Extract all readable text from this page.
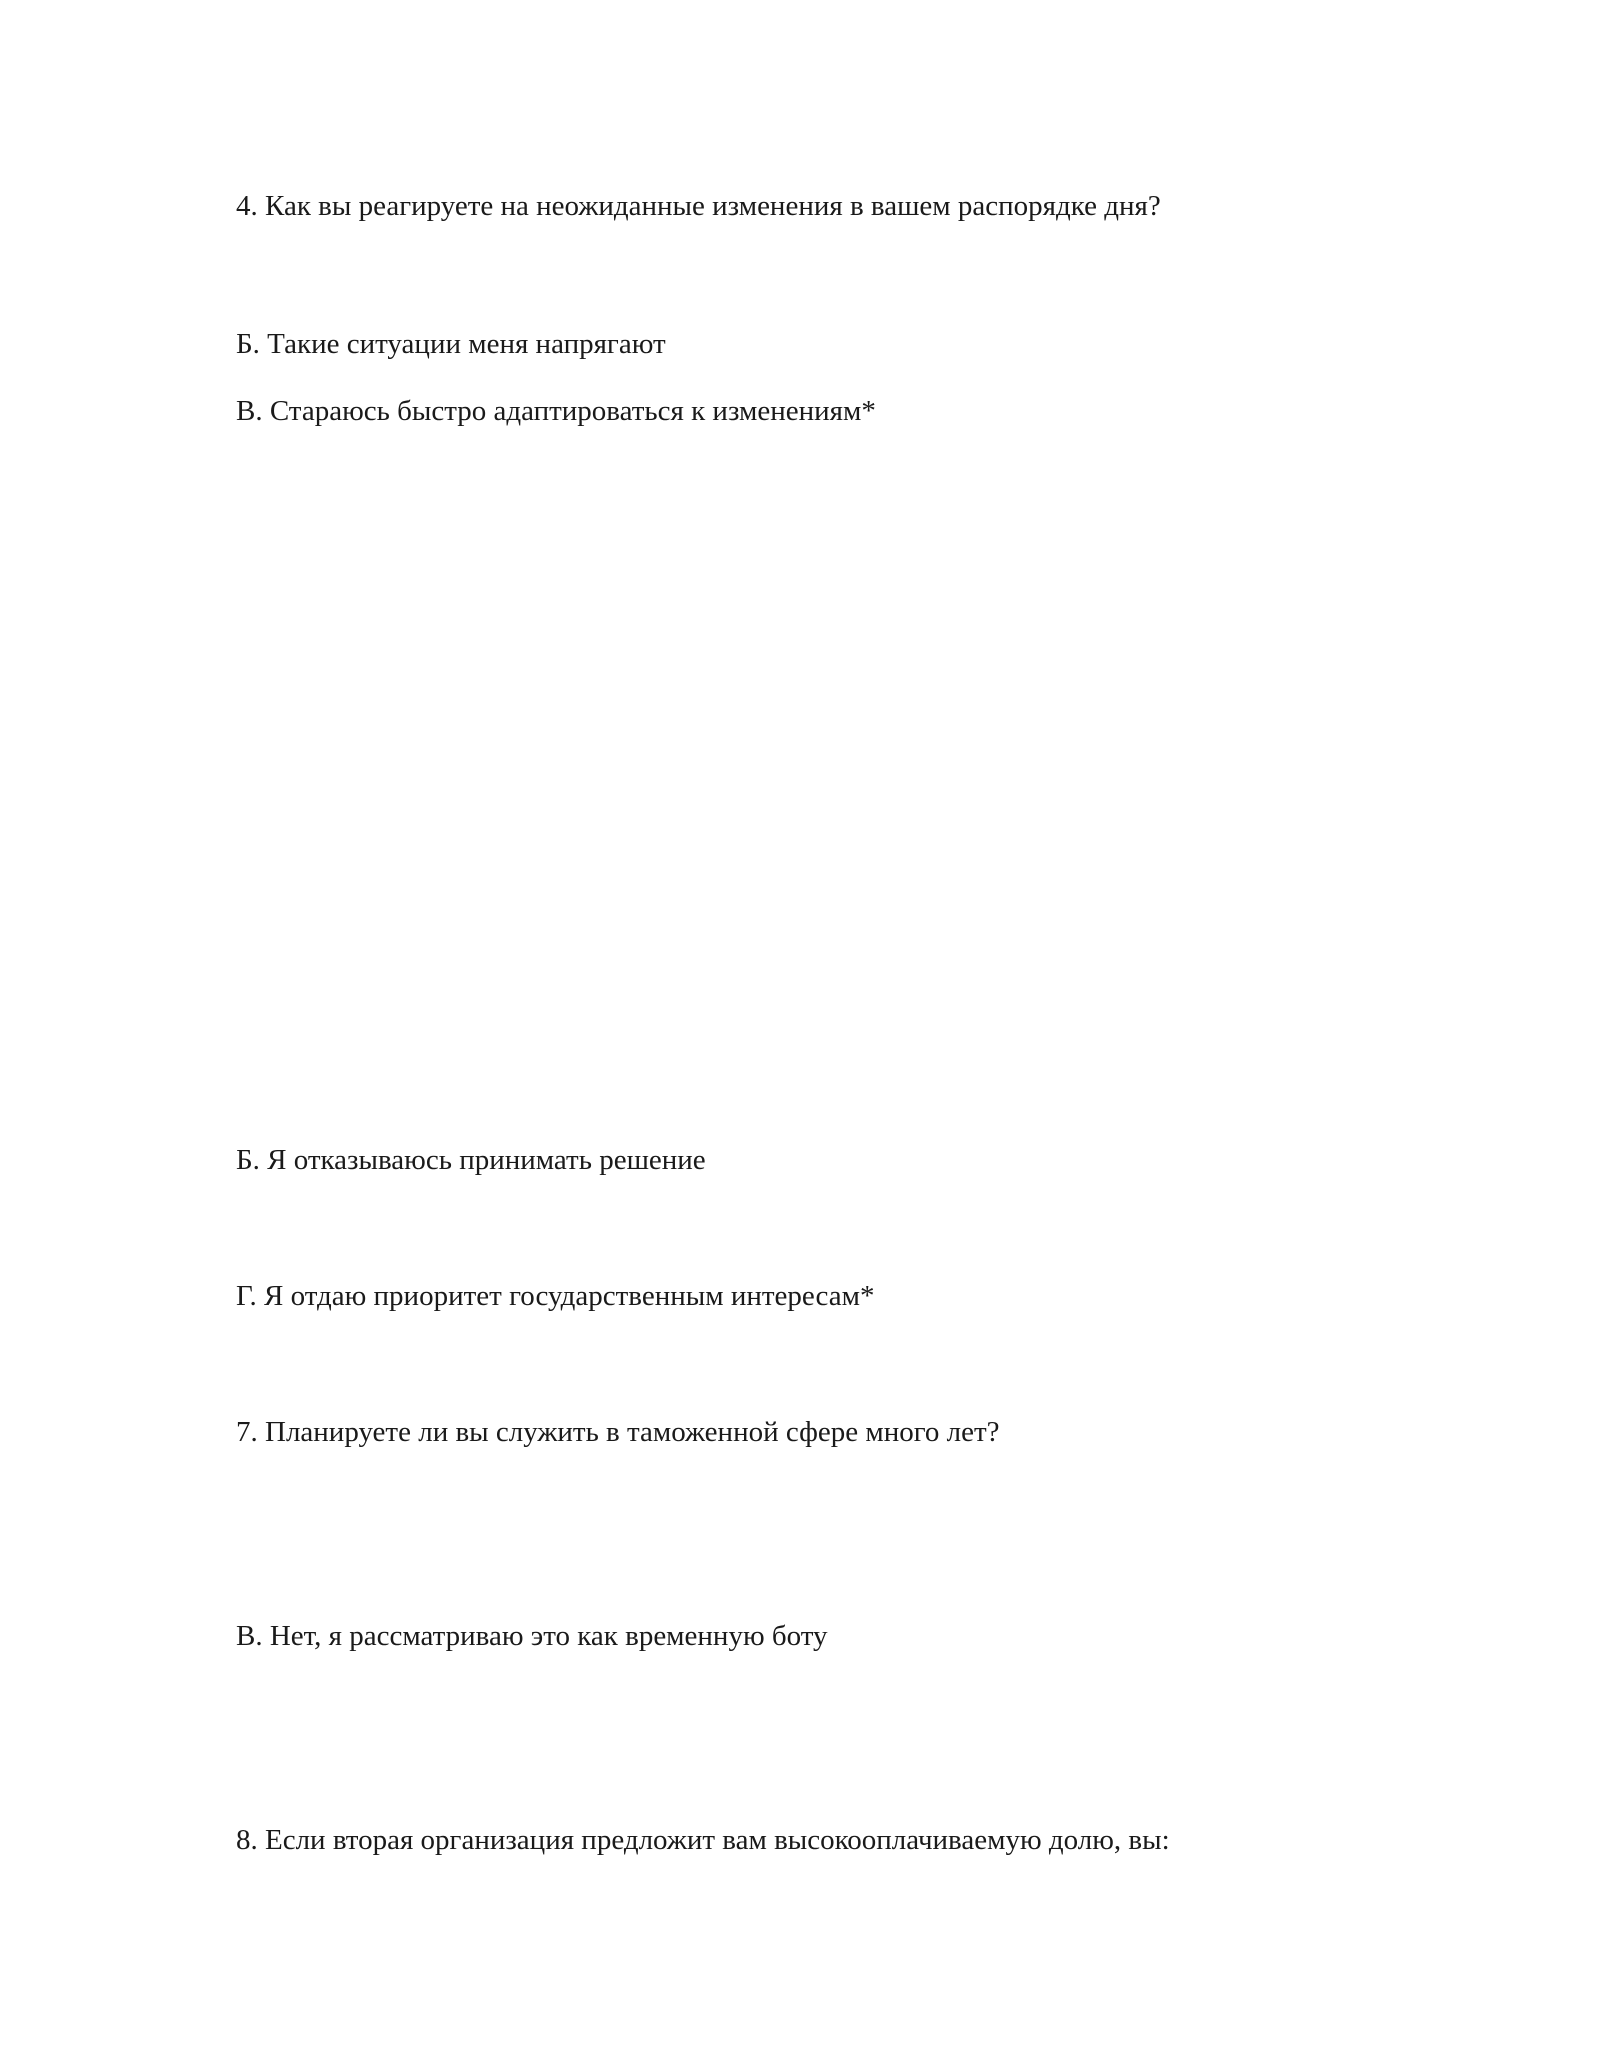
4. Как вы реагируете на неожиданные изменения в вашем распорядке дня?
Б. Такие ситуации меня напрягают
В. Стараюсь быстро адаптироваться к изменениям*
Б. Я отказываюсь принимать решение
Г. Я отдаю приоритет государственным интересам*
7. Планируете ли вы служить в таможенной сфере много лет?
В. Нет, я рассматриваю это как временную боту
8. Если вторая организация предложит вам высокооплачиваемую долю, вы:
